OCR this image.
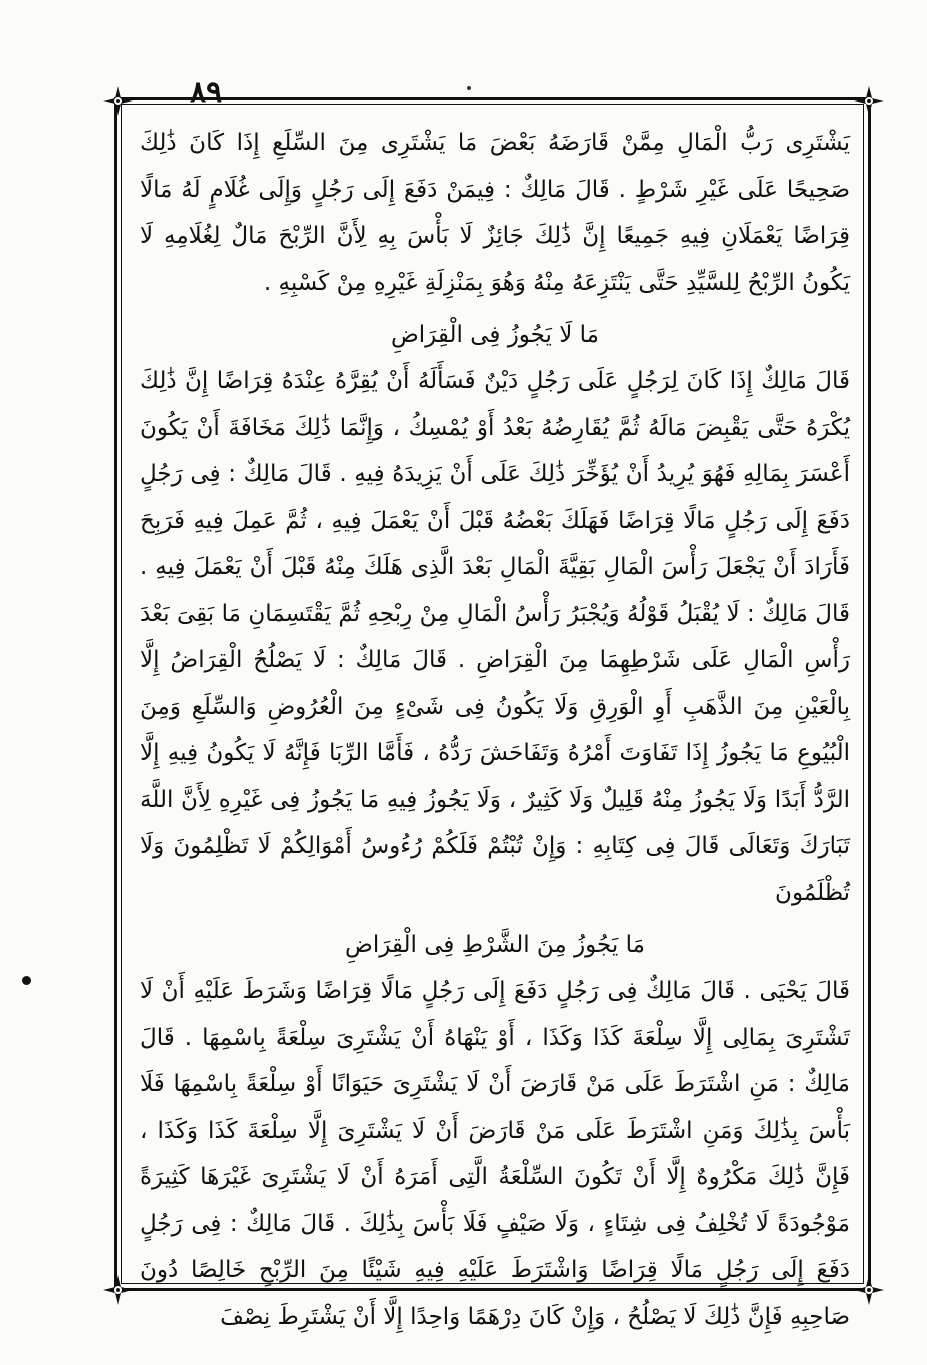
٨٩

يَشْتَرِى رَبُّ الْمَالِ مِمَّنْ قَارَضَهُ بَعْضَ مَا يَشْتَرِى مِنَ السِّلَعِ إِذَا كَانَ ذَٰلِكَ صَحِيحًا عَلَى غَيْرِ شَرْطٍ . قَالَ مَالِكٌ : فِيمَنْ دَفَعَ إِلَى رَجُلٍ وَإِلَى غُلَامٍ لَهُ مَالًا قِرَاضًا يَعْمَلَانِ فِيهِ جَمِيعًا إِنَّ ذَٰلِكَ جَائِزٌ لَا بَأْسَ بِهِ لِأَنَّ الرِّبْحَ مَالٌ لِغُلَامِهِ لَا يَكُونُ الرِّبْحُ لِلسَّيِّدِ حَتَّى يَنْتَزِعَهُ مِنْهُ وَهُوَ بِمَنْزِلَةِ غَيْرِهِ مِنْ كَسْبِهِ .

مَا لَا يَجُوزُ فِى الْقِرَاضِ

قَالَ مَالِكٌ إِذَا كَانَ لِرَجُلٍ عَلَى رَجُلٍ دَيْنٌ فَسَأَلَهُ أَنْ يُقِرَّهُ عِنْدَهُ قِرَاضًا إِنَّ ذَٰلِكَ يُكْرَهُ حَتَّى يَقْبِضَ مَالَهُ ثُمَّ يُقَارِضُهُ بَعْدُ أَوْ يُمْسِكُ ، وَإِنَّمَا ذَٰلِكَ مَخَافَةَ أَنْ يَكُونَ أَعْسَرَ بِمَالِهِ فَهُوَ يُرِيدُ أَنْ يُؤَخِّرَ ذَٰلِكَ عَلَى أَنْ يَزِيدَهُ فِيهِ . قَالَ مَالِكٌ : فِى رَجُلٍ دَفَعَ إِلَى رَجُلٍ مَالًا قِرَاضًا فَهَلَكَ بَعْضُهُ قَبْلَ أَنْ يَعْمَلَ فِيهِ ، ثُمَّ عَمِلَ فِيهِ فَرَبِحَ فَأَرَادَ أَنْ يَجْعَلَ رَأْسَ الْمَالِ بَقِيَّةَ الْمَالِ بَعْدَ الَّذِى هَلَكَ مِنْهُ قَبْلَ أَنْ يَعْمَلَ فِيهِ . قَالَ مَالِكٌ : لَا يُقْبَلُ قَوْلُهُ وَيُجْبَرُ رَأْسُ الْمَالِ مِنْ رِبْحِهِ ثُمَّ يَقْتَسِمَانِ مَا بَقِىَ بَعْدَ رَأْسِ الْمَالِ عَلَى شَرْطِهِمَا مِنَ الْقِرَاضِ . قَالَ مَالِكٌ : لَا يَصْلُحُ الْقِرَاضُ إِلَّا بِالْعَيْنِ مِنَ الذَّهَبِ أَوِ الْوَرِقِ وَلَا يَكُونُ فِى شَىْءٍ مِنَ الْعُرُوضِ وَالسِّلَعِ وَمِنَ الْبُيُوعِ مَا يَجُوزُ إِذَا تَفَاوَتَ أَمْرُهُ وَتَفَاحَشَ رَدُّهُ ، فَأَمَّا الرِّبَا فَإِنَّهُ لَا يَكُونُ فِيهِ إِلَّا الرَّدُّ أَبَدًا وَلَا يَجُوزُ مِنْهُ قَلِيلٌ وَلَا كَثِيرٌ ، وَلَا يَجُوزُ فِيهِ مَا يَجُوزُ فِى غَيْرِهِ لِأَنَّ اللَّهَ تَبَارَكَ وَتَعَالَى قَالَ فِى كِتَابِهِ : وَإِنْ تُبْتُمْ فَلَكُمْ رُءُوسُ أَمْوَالِكُمْ لَا تَظْلِمُونَ وَلَا تُظْلَمُونَ

مَا يَجُوزُ مِنَ الشَّرْطِ فِى الْقِرَاضِ

قَالَ يَحْيَى . قَالَ مَالِكٌ فِى رَجُلٍ دَفَعَ إِلَى رَجُلٍ مَالًا قِرَاضًا وَشَرَطَ عَلَيْهِ أَنْ لَا تَشْتَرِىَ بِمَالِى إِلَّا سِلْعَةَ كَذَا وَكَذَا ، أَوْ يَنْهَاهُ أَنْ يَشْتَرِىَ سِلْعَةً بِاسْمِهَا . قَالَ مَالِكٌ : مَنِ اشْتَرَطَ عَلَى مَنْ قَارَضَ أَنْ لَا يَشْتَرِىَ حَيَوَانًا أَوْ سِلْعَةً بِاسْمِهَا فَلَا بَأْسَ بِذَٰلِكَ وَمَنِ اشْتَرَطَ عَلَى مَنْ قَارَضَ أَنْ لَا يَشْتَرِىَ إِلَّا سِلْعَةَ كَذَا وَكَذَا ، فَإِنَّ ذَٰلِكَ مَكْرُوهٌ إِلَّا أَنْ تَكُونَ السِّلْعَةُ الَّتِى أَمَرَهُ أَنْ لَا يَشْتَرِىَ غَيْرَهَا كَثِيرَةً مَوْجُودَةً لَا تُخْلِفُ فِى شِتَاءٍ ، وَلَا صَيْفٍ فَلَا بَأْسَ بِذَٰلِكَ . قَالَ مَالِكٌ : فِى رَجُلٍ دَفَعَ إِلَى رَجُلٍ مَالًا قِرَاضًا وَاشْتَرَطَ عَلَيْهِ فِيهِ شَيْئًا مِنَ الرِّبْحِ خَالِصًا دُونَ صَاحِبِهِ فَإِنَّ ذَٰلِكَ لَا يَصْلُحُ ، وَإِنْ كَانَ دِرْهَمًا وَاحِدًا إِلَّا أَنْ يَشْتَرِطَ نِصْفَ
